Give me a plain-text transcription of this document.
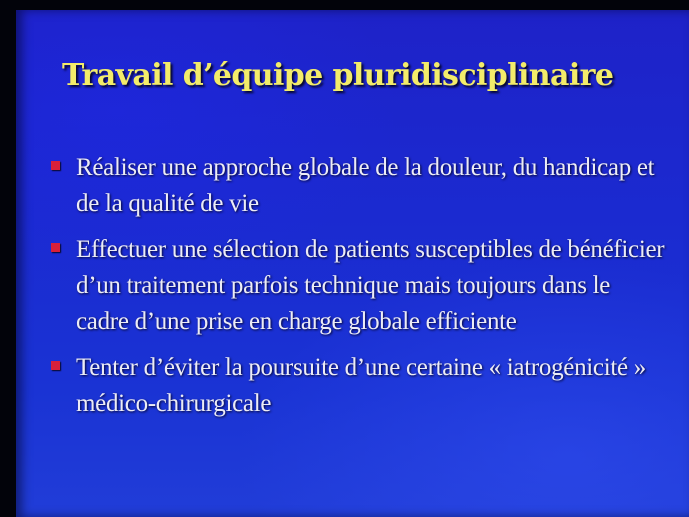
Travail d’équipe pluridisciplinaire
Réaliser une approche globale de la douleur, du handicap et de la qualité de vie
Effectuer une sélection de patients susceptibles de bénéficier d’un traitement parfois technique mais toujours dans le cadre d’une prise en charge globale efficiente
Tenter d’éviter la poursuite d’une certaine « iatrogénicité » médico-chirurgicale
